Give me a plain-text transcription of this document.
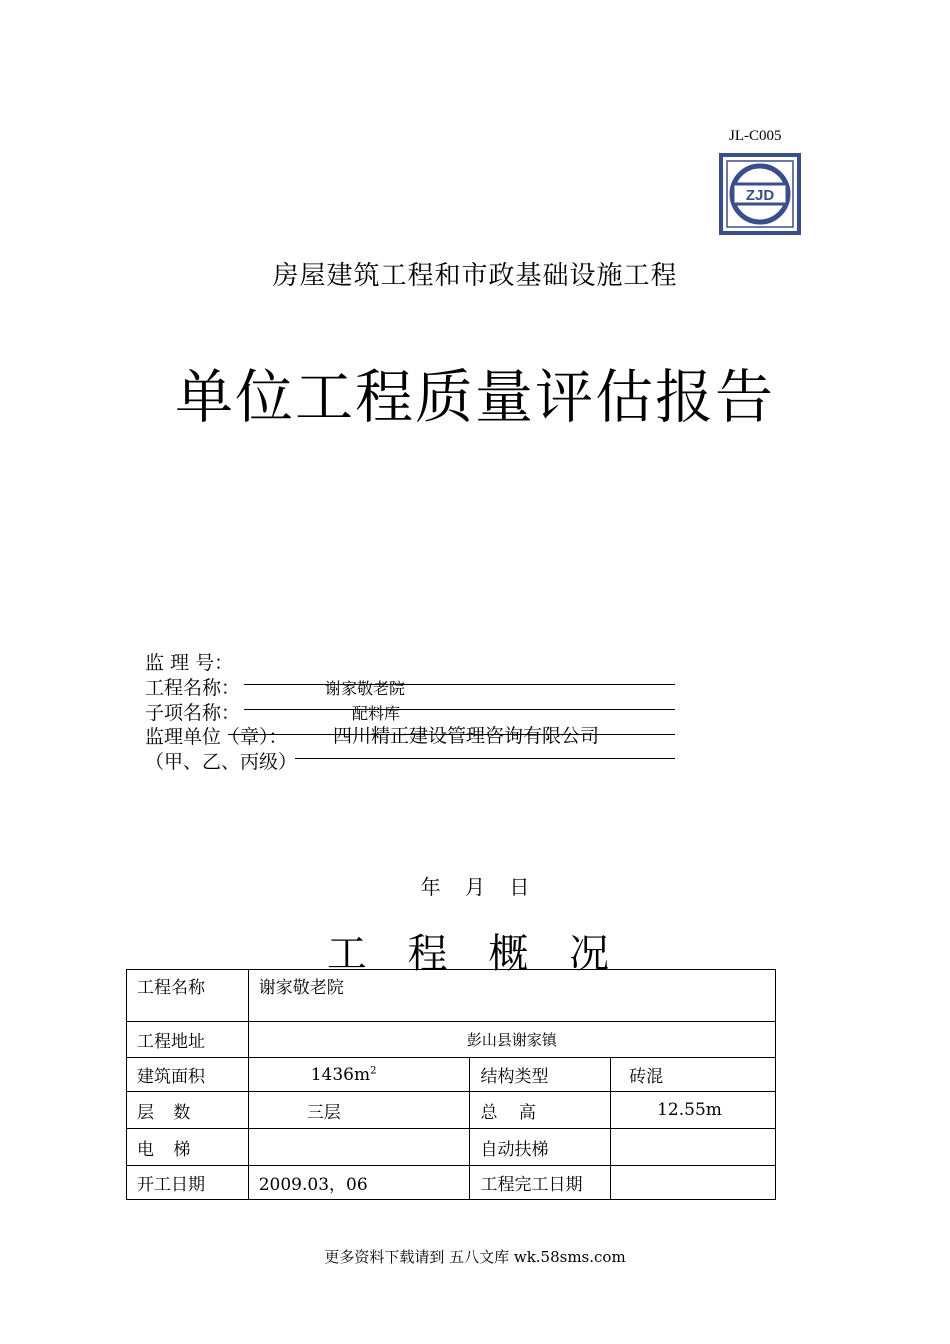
JL-C005
ZJD
房屋建筑工程和市政基础设施工程
单位工程质量评估报告
监 理 号：
工程名称：	谢家敬老院
子项名称：	配料库
监理单位（章）： 四川精正建设管理咨询有限公司
（甲、乙、丙级）
年 月 日
工 程 概 况
工程名称	谢家敬老院		
工程地址	彭山县谢家镇		
建筑面积	$1436m^2$	结构类型	砖混
层 数	三层	总 高	12.55m
电 梯		自动扶梯	
开工日期	2009.03，06	工程完工日期	
更多资料下载请到 五八文库 wk.58sms.com
